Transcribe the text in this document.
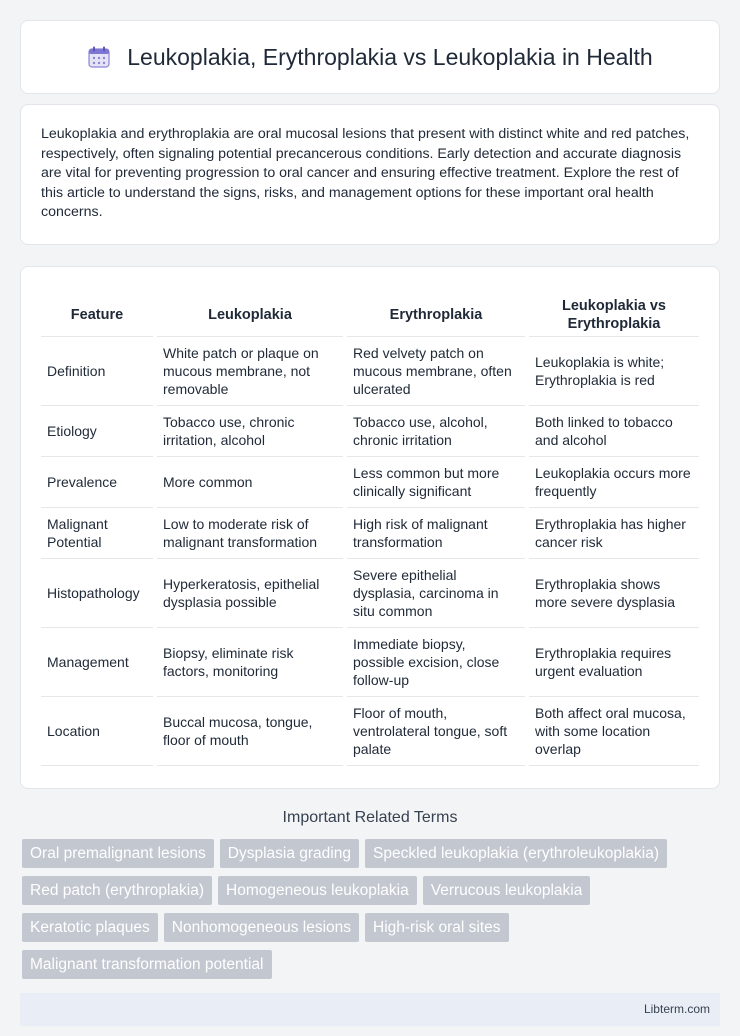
Leukoplakia, Erythroplakia vs Leukoplakia in Health

Leukoplakia and erythroplakia are oral mucosal lesions that present with distinct white and red patches, respectively, often signaling potential precancerous conditions. Early detection and accurate diagnosis are vital for preventing progression to oral cancer and ensuring effective treatment. Explore the rest of this article to understand the signs, risks, and management options for these important oral health concerns.

Feature	Leukoplakia	Erythroplakia	Leukoplakia vs Erythroplakia
Definition	White patch or plaque on mucous membrane, not removable	Red velvety patch on mucous membrane, often ulcerated	Leukoplakia is white; Erythroplakia is red
Etiology	Tobacco use, chronic irritation, alcohol	Tobacco use, alcohol, chronic irritation	Both linked to tobacco and alcohol
Prevalence	More common	Less common but more clinically significant	Leukoplakia occurs more frequently
Malignant Potential	Low to moderate risk of malignant transformation	High risk of malignant transformation	Erythroplakia has higher cancer risk
Histopathology	Hyperkeratosis, epithelial dysplasia possible	Severe epithelial dysplasia, carcinoma in situ common	Erythroplakia shows more severe dysplasia
Management	Biopsy, eliminate risk factors, monitoring	Immediate biopsy, possible excision, close follow-up	Erythroplakia requires urgent evaluation
Location	Buccal mucosa, tongue, floor of mouth	Floor of mouth, ventrolateral tongue, soft palate	Both affect oral mucosa, with some location overlap
Important Related Terms
Oral premalignant lesions	Dysplasia grading	Speckled leukoplakia (erythroleukoplakia)
Red patch (erythroplakia)	Homogeneous leukoplakia	Verrucous leukoplakia
Keratotic plaques	Nonhomogeneous lesions	High-risk oral sites
Malignant transformation potential
Libterm.com
